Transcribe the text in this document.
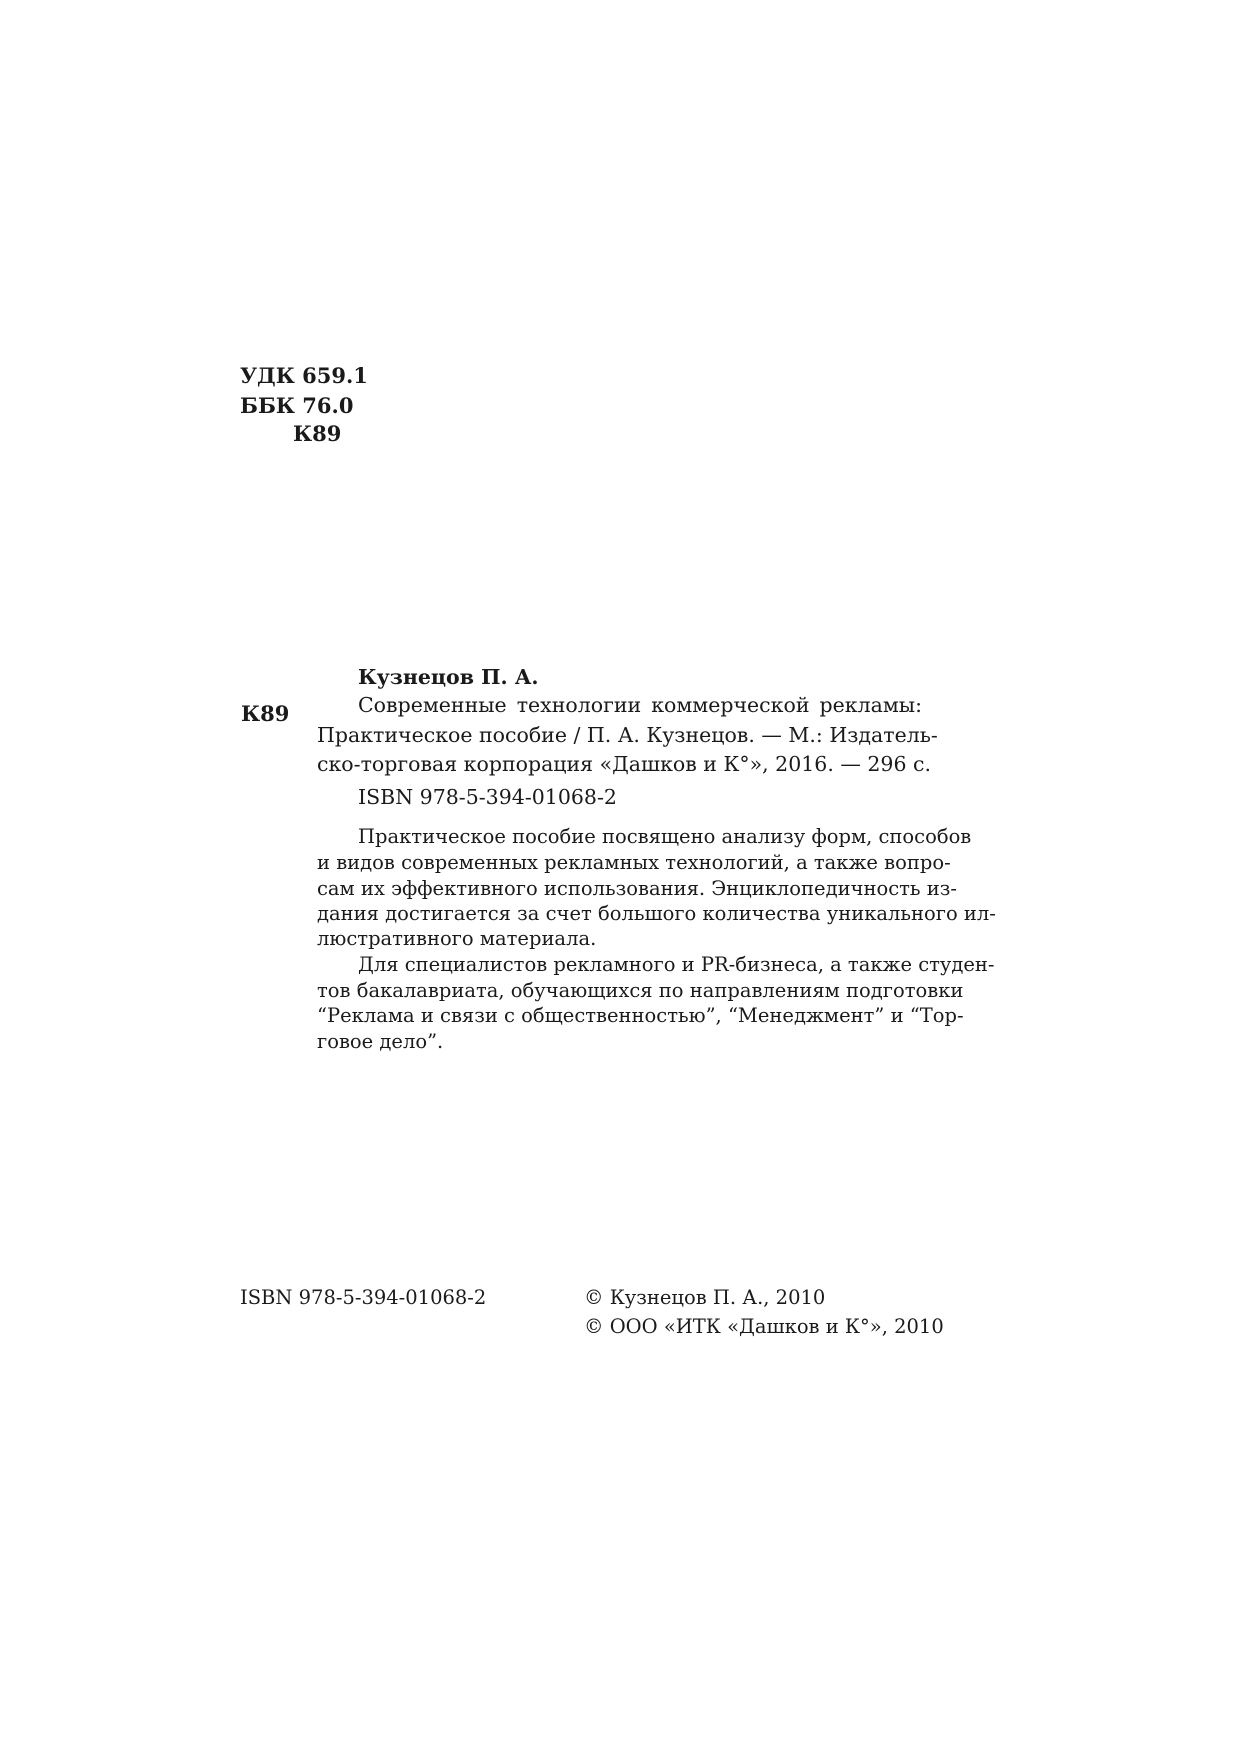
УДК 659.1
ББК 76.0
К89
К89
Кузнецов П. А.
Современные технологии коммерческой рекламы:
Практическое пособие / П. А. Кузнецов. — М.: Издатель-
ско-торговая корпорация «Дашков и К°», 2016. — 296 с.
ISBN 978-5-394-01068-2
Практическое пособие посвящено анализу форм, способов
и видов современных рекламных технологий, а также вопро-
сам их эффективного использования. Энциклопедичность из-
дания достигается за счет большого количества уникального ил-
люстративного материала.
Для специалистов рекламного и PR-бизнеса, а также студен-
тов бакалавриата, обучающихся по направлениям подготовки
“Реклама и связи с общественностью”, “Менеджмент” и “Тор-
говое дело”.
ISBN 978-5-394-01068-2	© Кузнецов П. А., 2010
© ООО «ИТК «Дашков и К°», 2010
